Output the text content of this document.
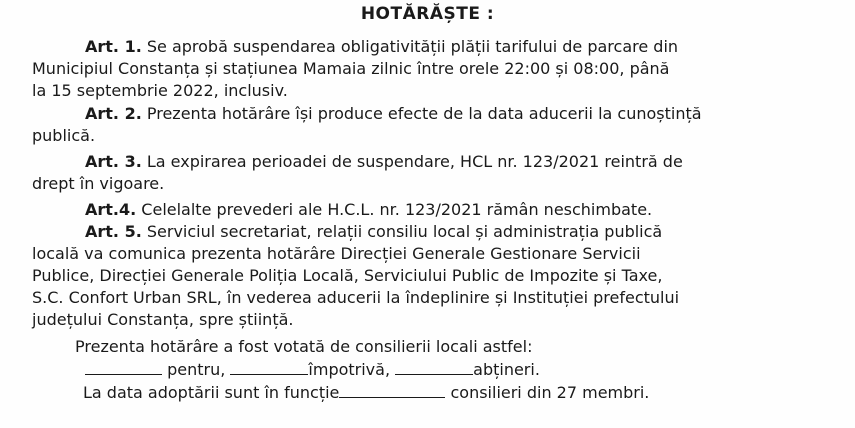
HOTĂRĂȘTE :
Art. 1. Se aprobă suspendarea obligativității plății tarifului de parcare din
Municipiul Constanța și stațiunea Mamaia zilnic între orele 22:00 și 08:00, până
la 15 septembrie 2022, inclusiv.
Art. 2. Prezenta hotărâre își produce efecte de la data aducerii la cunoștință
publică.
Art. 3. La expirarea perioadei de suspendare, HCL nr. 123/2021 reintră de
drept în vigoare.
Art.4. Celelalte prevederi ale H.C.L. nr. 123/2021 rămân neschimbate.
Art. 5. Serviciul secretariat, relații consiliu local și administrația publică
locală va comunica prezenta hotărâre Direcției Generale Gestionare Servicii
Publice, Direcției Generale Poliția Locală, Serviciului Public de Impozite și Taxe,
S.C. Confort Urban SRL, în vederea aducerii la îndeplinire și Instituției prefectului
județului Constanța, spre știință.
Prezenta hotărâre a fost votată de consilierii locali astfel:
pentru,	împotrivă,	abțineri.
La data adoptării sunt în funcție	consilieri din 27 membri.
